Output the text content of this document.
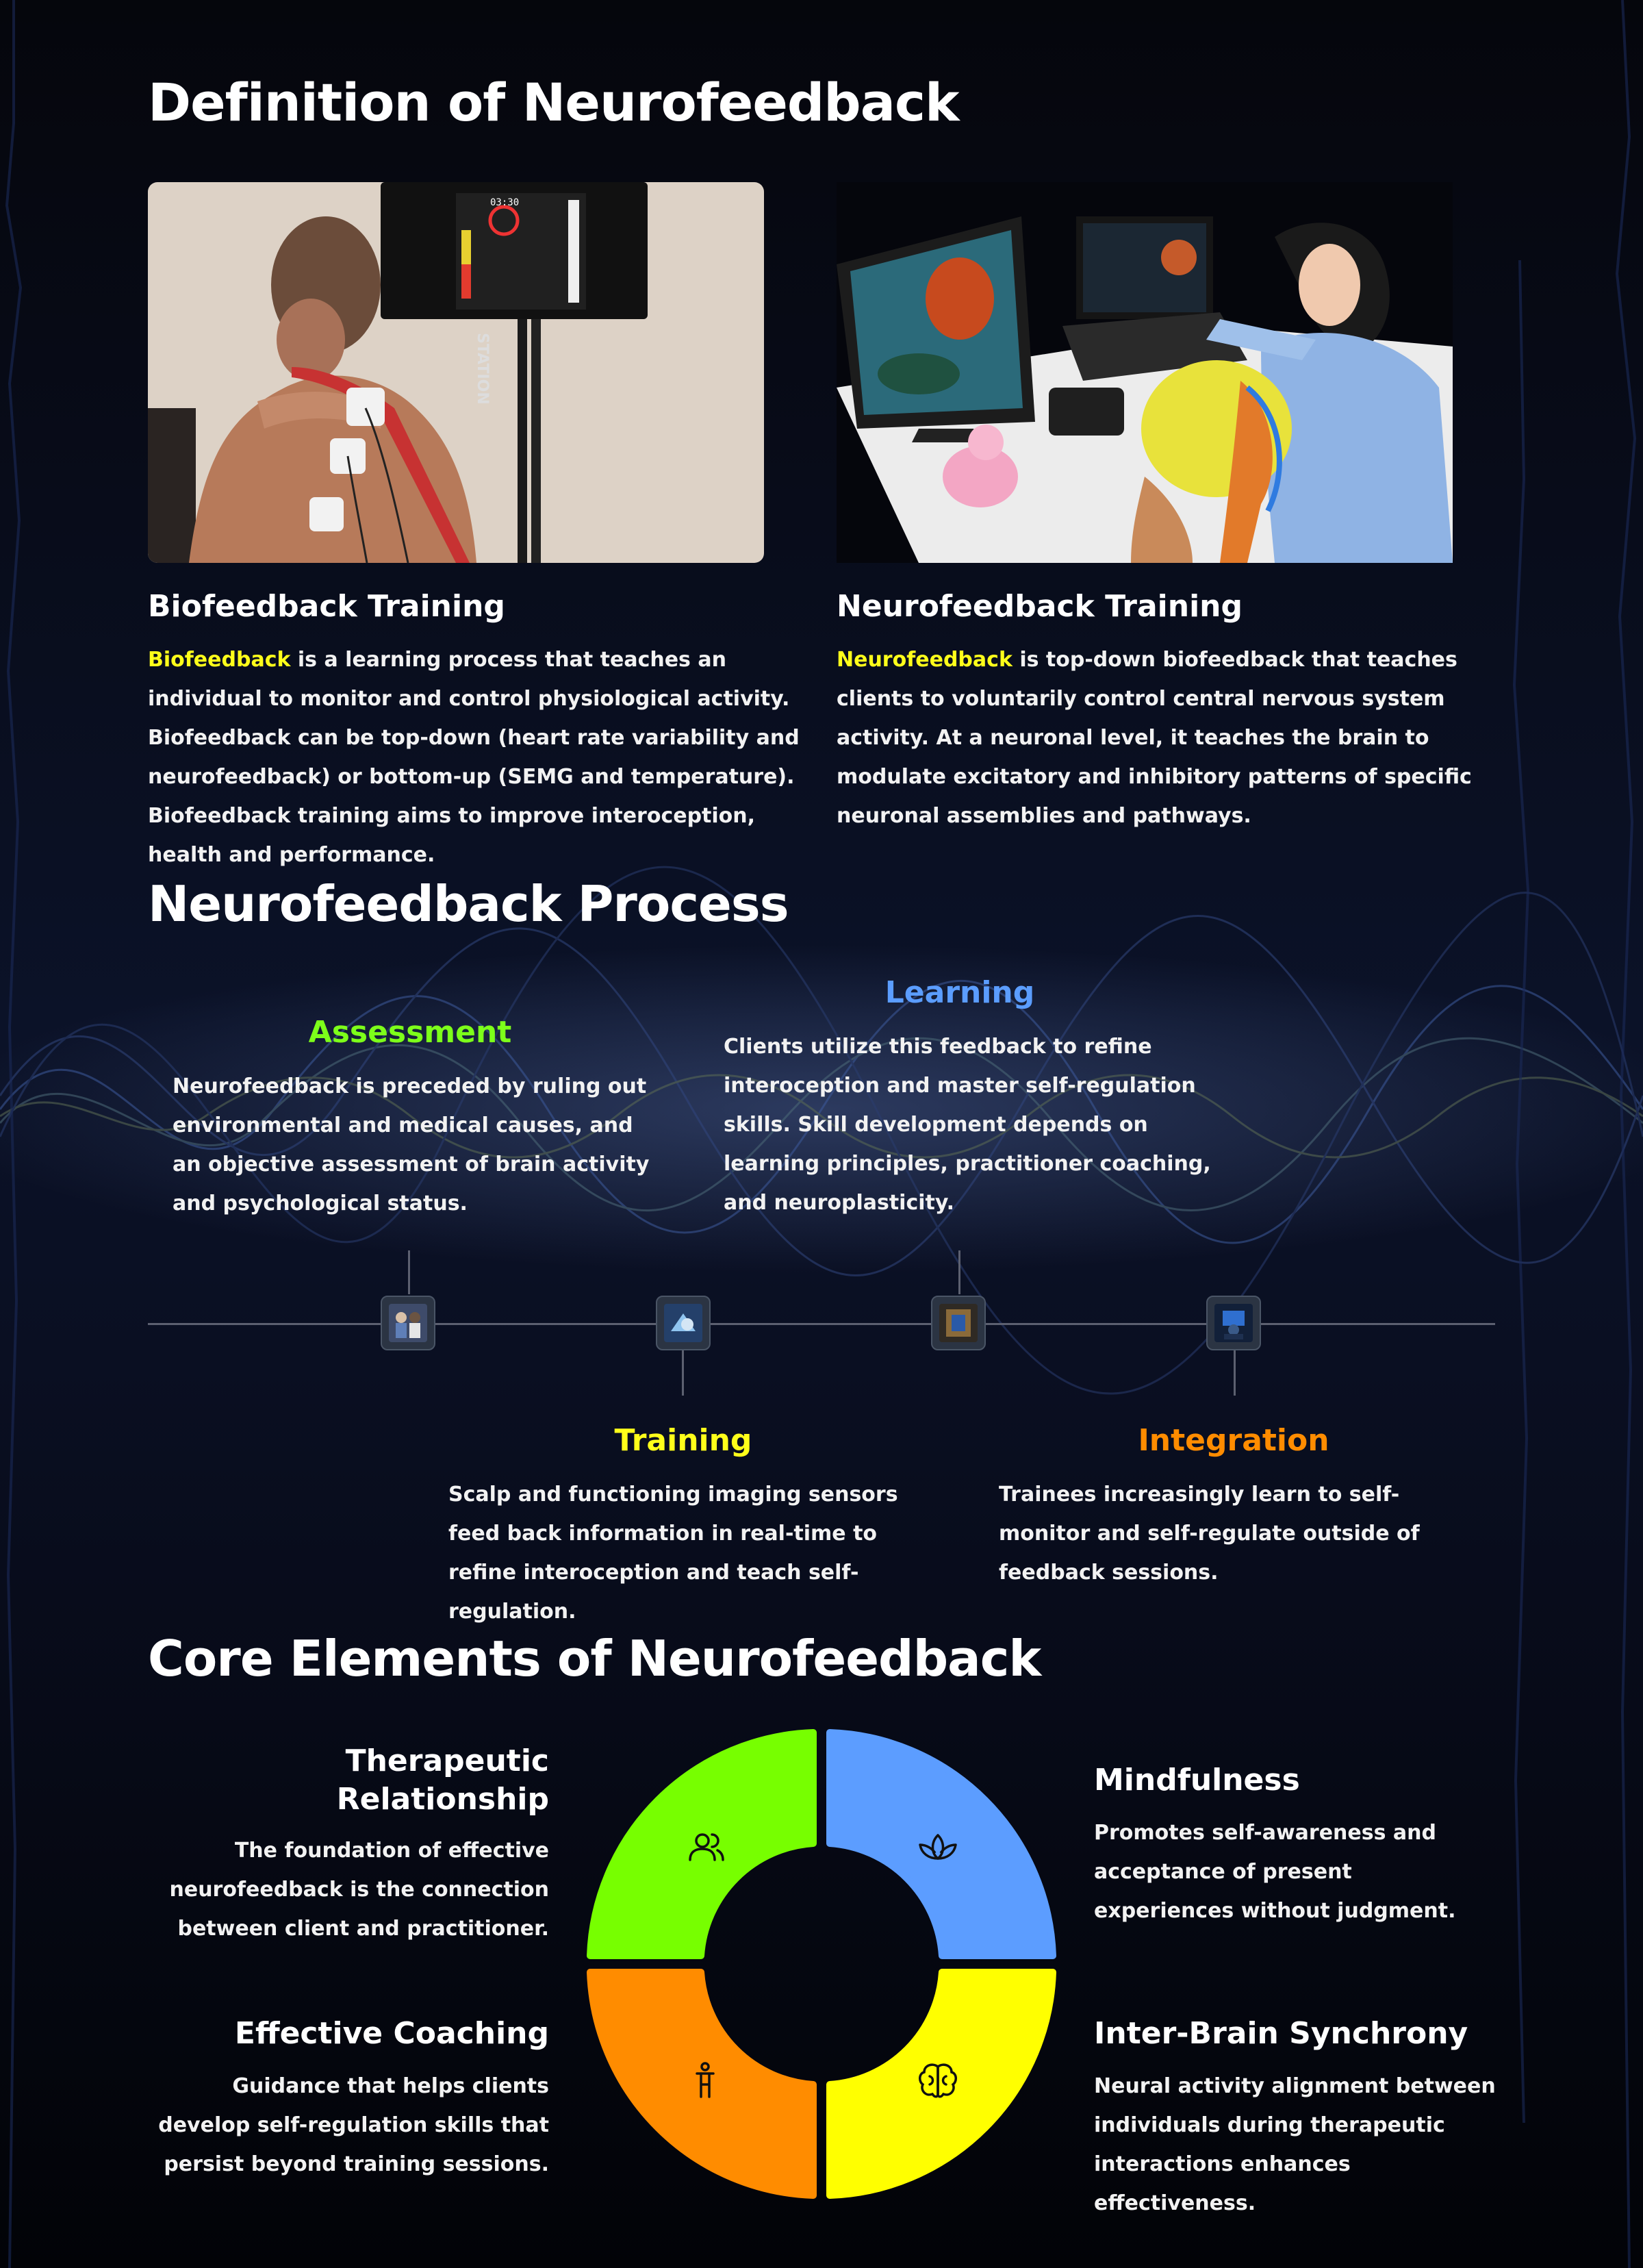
Definition of Neurofeedback
STATION
03:30
Biofeedback Training
Biofeedback is a learning process that teaches an individual to monitor and control physiological activity. Biofeedback can be top-down (heart rate variability and neurofeedback) or bottom-up (SEMG and temperature). Biofeedback training aims to improve interoception, health and performance.
Neurofeedback Training
Neurofeedback is top-down biofeedback that teaches clients to voluntarily control central nervous system activity. At a neuronal level, it teaches the brain to modulate excitatory and inhibitory patterns of specific neuronal assemblies and pathways.
Neurofeedback Process
Assessment
Neurofeedback is preceded by ruling out environmental and medical causes, and an objective assessment of brain activity and psychological status.
Learning
Clients utilize this feedback to refine interoception and master self-regulation skills. Skill development depends on learning principles, practitioner coaching, and neuroplasticity.
Training
Scalp and functioning imaging sensors feed back information in real-time to refine interoception and teach self-regulation.
Integration
Trainees increasingly learn to self-monitor and self-regulate outside of feedback sessions.
Core Elements of Neurofeedback
Therapeutic Relationship
The foundation of effective neurofeedback is the connection between client and practitioner.
Mindfulness
Promotes self-awareness and acceptance of present experiences without judgment.
Effective Coaching
Guidance that helps clients develop self-regulation skills that persist beyond training sessions.
Inter-Brain Synchrony
Neural activity alignment between individuals during therapeutic interactions enhances effectiveness.
